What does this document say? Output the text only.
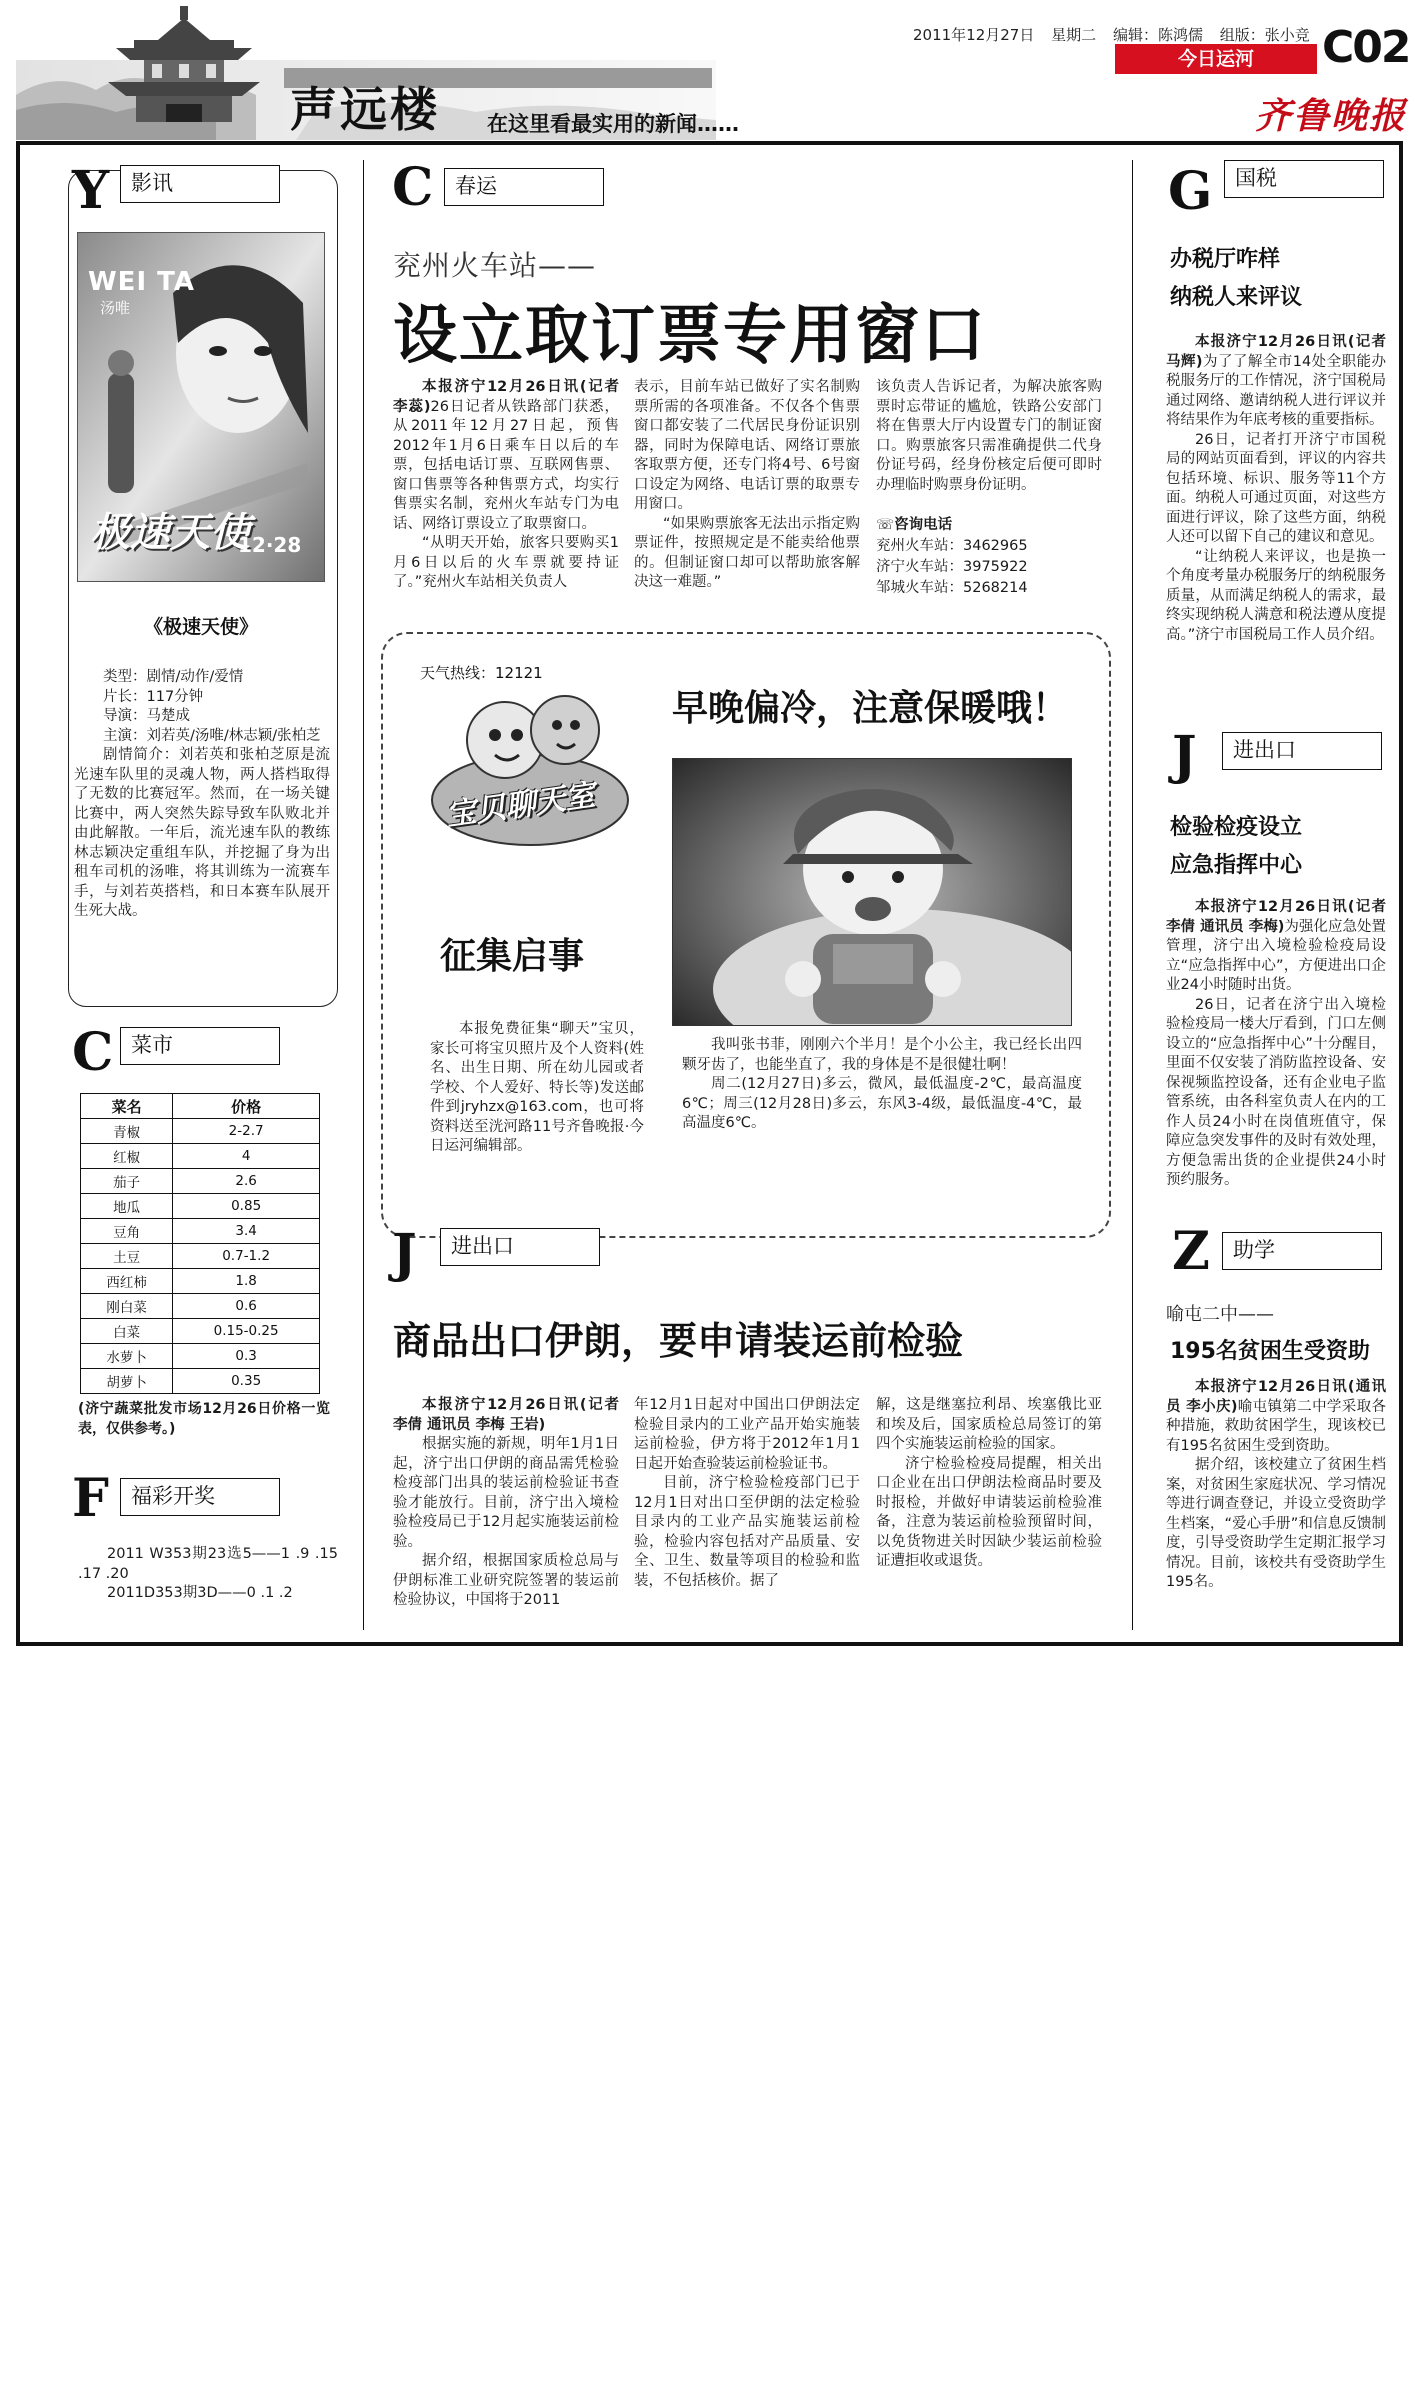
声远楼 在这里看最实用的新闻……
2011年12月27日 星期二 编辑：陈鸿儒 组版：张小竞
今日运河	C02
齐鲁晚报
Y	影讯
WEI TA
汤唯
极速天使
12·28
《极速天使》

类型：剧情/动作/爱情

片长：117分钟

导演：马楚成

主演：刘若英/汤唯/林志颖/张柏芝

剧情简介：刘若英和张柏芝原是流光速车队里的灵魂人物，两人搭档取得了无数的比赛冠军。然而，在一场关键比赛中，两人突然失踪导致车队败北并由此解散。一年后，流光速车队的教练林志颖决定重组车队，并挖掘了身为出租车司机的汤唯，将其训练为一流赛车手，与刘若英搭档，和日本赛车队展开生死大战。

C 菜市
菜名	价格
青椒	2-2.7
红椒	4
茄子	2.6
地瓜	0.85
豆角	3.4
土豆	0.7-1.2
西红柿	1.8
刚白菜	0.6
白菜	0.15-0.25
水萝卜	0.3
胡萝卜	0.35
(济宁蔬菜批发市场12月26日价格一览表，仅供参考。)
F	福彩开奖

2011 W353期23选5——1 .9 .15 .17 .20

2011D353期3D——0 .1 .2

C	春运
兖州火车站——
设立取订票专用窗口

本报济宁12月26日讯(记者 李蕊)26日记者从铁路部门获悉，从2011年12月27日起，预售2012年1月6日乘车日以后的车票，包括电话订票、互联网售票、窗口售票等各种售票方式，均实行售票实名制，兖州火车站专门为电话、网络订票设立了取票窗口。

“从明天开始，旅客只要购买1月6日以后的火车票就要持证了。”兖州火车站相关负责人

表示，目前车站已做好了实名制购票所需的各项准备。不仅各个售票窗口都安装了二代居民身份证识别器，同时为保障电话、网络订票旅客取票方便，还专门将4号、6号窗口设定为网络、电话订票的取票专用窗口。

“如果购票旅客无法出示指定购票证件，按照规定是不能卖给他票的。但制证窗口却可以帮助旅客解决这一难题。”

该负责人告诉记者，为解决旅客购票时忘带证的尴尬，铁路公安部门将在售票大厅内设置专门的制证窗口。购票旅客只需准确提供二代身份证号码，经身份核定后便可即时办理临时购票身份证明。

☏咨询电话
兖州火车站：3462965
济宁火车站：3975922
邹城火车站：5268214
天气热线：12121
宝贝聊天室
早晚偏冷，注意保暖哦！
征集启事

本报免费征集“聊天”宝贝，家长可将宝贝照片及个人资料(姓名、出生日期、所在幼儿园或者学校、个人爱好、特长等)发送邮件到jryhzx@163.com，也可将资料送至洸河路11号齐鲁晚报·今日运河编辑部。

我叫张书菲，刚刚六个半月！是个小公主，我已经长出四颗牙齿了，也能坐直了，我的身体是不是很健壮啊！

周二(12月27日)多云，微风，最低温度-2℃，最高温度6℃；周三(12月28日)多云，东风3-4级，最低温度-4℃，最高温度6℃。

J	进出口
商品出口伊朗，要申请装运前检验

本报济宁12月26日讯(记者 李倩 通讯员 李梅 王岩)

根据实施的新规，明年1月1日起，济宁出口伊朗的商品需凭检验检疫部门出具的装运前检验证书查验才能放行。目前，济宁出入境检验检疫局已于12月起实施装运前检验。

据介绍，根据国家质检总局与伊朗标准工业研究院签署的装运前检验协议，中国将于2011

年12月1日起对中国出口伊朗法定检验目录内的工业产品开始实施装运前检验，伊方将于2012年1月1日起开始查验装运前检验证书。

目前，济宁检验检疫部门已于12月1日对出口至伊朗的法定检验目录内的工业产品实施装运前检验，检验内容包括对产品质量、安全、卫生、数量等项目的检验和监装，不包括核价。据了

解，这是继塞拉利昂、埃塞俄比亚和埃及后，国家质检总局签订的第四个实施装运前检验的国家。

济宁检验检疫局提醒，相关出口企业在出口伊朗法检商品时要及时报检，并做好申请装运前检验准备，注意为装运前检验预留时间，以免货物进关时因缺少装运前检验证遭拒收或退货。

G	国税
办税厅咋样
纳税人来评议

本报济宁12月26日讯(记者 马辉)为了了解全市14处全职能办税服务厅的工作情况，济宁国税局通过网络、邀请纳税人进行评议并将结果作为年底考核的重要指标。

26日，记者打开济宁市国税局的网站页面看到，评议的内容共包括环境、标识、服务等11个方面。纳税人可通过页面，对这些方面进行评议，除了这些方面，纳税人还可以留下自己的建议和意见。

“让纳税人来评议，也是换一个角度考量办税服务厅的纳税服务质量，从而满足纳税人的需求，最终实现纳税人满意和税法遵从度提高。”济宁市国税局工作人员介绍。

J	进出口
检验检疫设立
应急指挥中心

本报济宁12月26日讯(记者 李倩 通讯员 李梅)为强化应急处置管理，济宁出入境检验检疫局设立“应急指挥中心”，方便进出口企业24小时随时出货。

26日，记者在济宁出入境检验检疫局一楼大厅看到，门口左侧设立的“应急指挥中心”十分醒目，里面不仅安装了消防监控设备、安保视频监控设备，还有企业电子监管系统，由各科室负责人在内的工作人员24小时在岗值班值守，保障应急突发事件的及时有效处理，方便急需出货的企业提供24小时预约服务。

Z	助学
喻屯二中——
195名贫困生受资助

本报济宁12月26日讯(通讯员 李小庆)喻屯镇第二中学采取各种措施，救助贫困学生，现该校已有195名贫困生受到资助。

据介绍，该校建立了贫困生档案，对贫困生家庭状况、学习情况等进行调查登记，并设立受资助学生档案，“爱心手册”和信息反馈制度，引导受资助学生定期汇报学习情况。目前，该校共有受资助学生195名。
